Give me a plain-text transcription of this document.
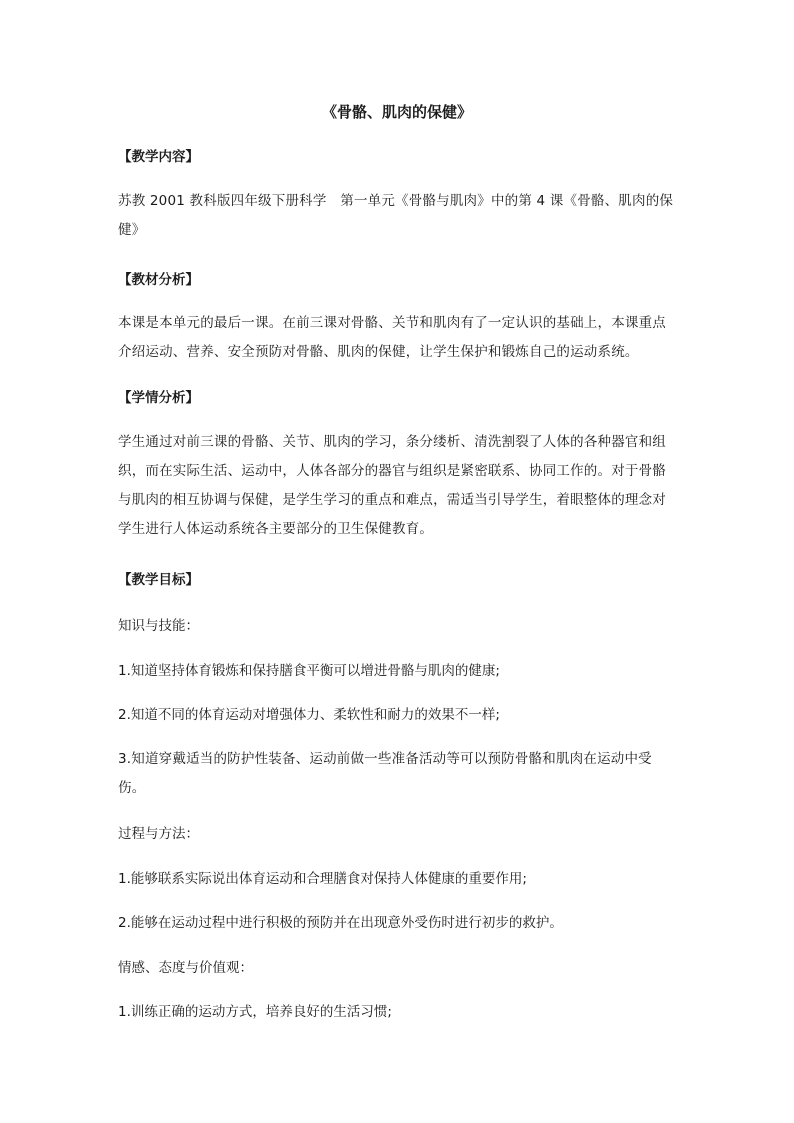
《骨骼、肌肉的保健》
【教学内容】
苏教 2001 教科版四年级下册科学　第一单元《骨骼与肌肉》中的第 4 课《骨骼、肌肉的保健》
【教材分析】
本课是本单元的最后一课。在前三课对骨骼、关节和肌肉有了一定认识的基础上，本课重点介绍运动、营养、安全预防对骨骼、肌肉的保健，让学生保护和锻炼自己的运动系统。
【学情分析】
学生通过对前三课的骨骼、关节、肌肉的学习，条分缕析、清洗割裂了人体的各种器官和组织，而在实际生活、运动中，人体各部分的器官与组织是紧密联系、协同工作的。对于骨骼与肌肉的相互协调与保健，是学生学习的重点和难点，需适当引导学生，着眼整体的理念对学生进行人体运动系统各主要部分的卫生保健教育。
【教学目标】
知识与技能：
1.知道坚持体育锻炼和保持膳食平衡可以增进骨骼与肌肉的健康;
2.知道不同的体育运动对增强体力、柔软性和耐力的效果不一样;
3.知道穿戴适当的防护性装备、运动前做一些准备活动等可以预防骨骼和肌肉在运动中受伤。
过程与方法：
1.能够联系实际说出体育运动和合理膳食对保持人体健康的重要作用;
2.能够在运动过程中进行积极的预防并在出现意外受伤时进行初步的救护。
情感、态度与价值观：
1.训练正确的运动方式，培养良好的生活习惯;
